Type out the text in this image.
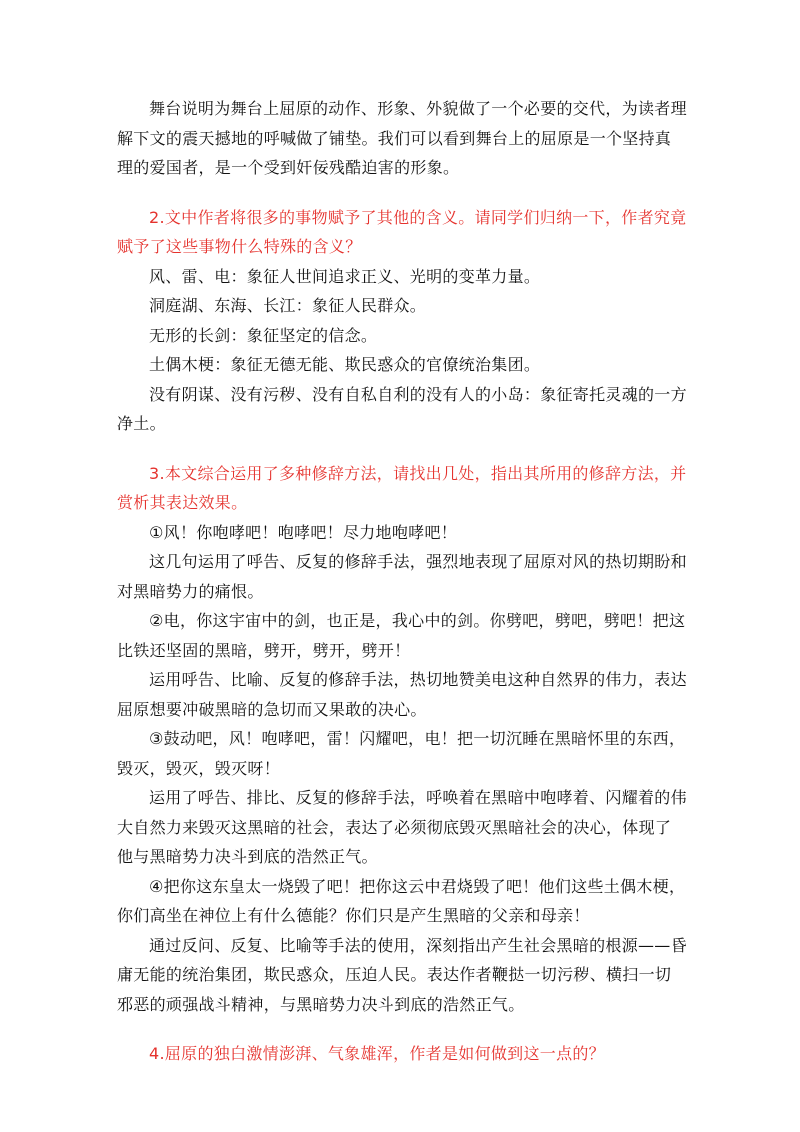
舞台说明为舞台上屈原的动作、形象、外貌做了一个必要的交代，为读者理解下文的震天撼地的呼喊做了铺垫。我们可以看到舞台上的屈原是一个坚持真理的爱国者，是一个受到奸佞残酷迫害的形象。

2.文中作者将很多的事物赋予了其他的含义。请同学们归纳一下，作者究竟赋予了这些事物什么特殊的含义？

风、雷、电：象征人世间追求正义、光明的变革力量。

洞庭湖、东海、长江：象征人民群众。

无形的长剑：象征坚定的信念。

土偶木梗：象征无德无能、欺民惑众的官僚统治集团。

没有阴谋、没有污秽、没有自私自利的没有人的小岛：象征寄托灵魂的一方净土。

3.本文综合运用了多种修辞方法，请找出几处，指出其所用的修辞方法，并赏析其表达效果。

①风！你咆哮吧！咆哮吧！尽力地咆哮吧！

这几句运用了呼告、反复的修辞手法，强烈地表现了屈原对风的热切期盼和对黑暗势力的痛恨。

②电，你这宇宙中的剑，也正是，我心中的剑。你劈吧，劈吧，劈吧！把这比铁还坚固的黑暗，劈开，劈开，劈开！

运用呼告、比喻、反复的修辞手法，热切地赞美电这种自然界的伟力，表达屈原想要冲破黑暗的急切而又果敢的决心。

③鼓动吧，风！咆哮吧，雷！闪耀吧，电！把一切沉睡在黑暗怀里的东西，毁灭，毁灭，毁灭呀！

运用了呼告、排比、反复的修辞手法，呼唤着在黑暗中咆哮着、闪耀着的伟大自然力来毁灭这黑暗的社会，表达了必须彻底毁灭黑暗社会的决心，体现了他与黑暗势力决斗到底的浩然正气。

④把你这东皇太一烧毁了吧！把你这云中君烧毁了吧！他们这些土偶木梗，你们高坐在神位上有什么德能？你们只是产生黑暗的父亲和母亲！

通过反问、反复、比喻等手法的使用，深刻指出产生社会黑暗的根源——昏庸无能的统治集团，欺民惑众，压迫人民。表达作者鞭挞一切污秽、横扫一切邪恶的顽强战斗精神，与黑暗势力决斗到底的浩然正气。

4.屈原的独白激情澎湃、气象雄浑，作者是如何做到这一点的？
